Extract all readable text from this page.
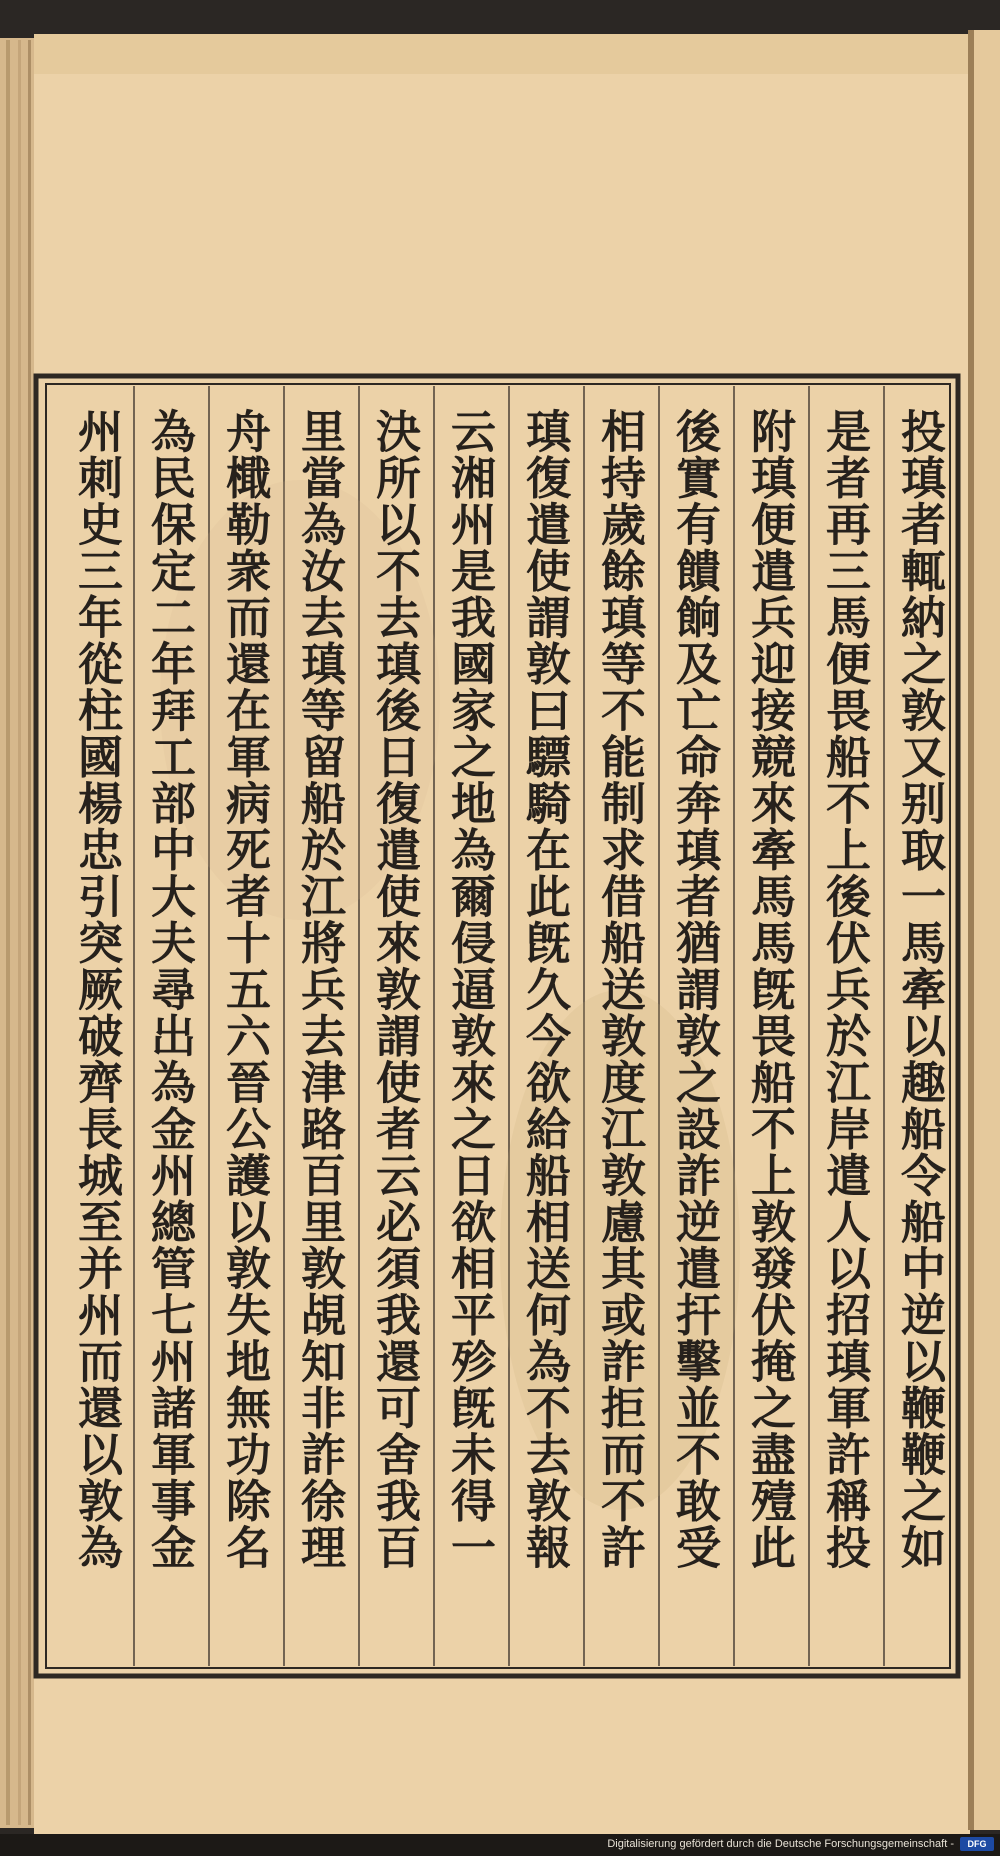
投瑱者輒納之敦又别取一馬牽以趣船令船中逆以鞭鞭之如
是者再三馬便畏船不上後伏兵於江岸遣人以招瑱軍許稱投
附瑱便遣兵迎接競來牽馬馬旣畏船不上敦發伏掩之盡殪此
後實有饋餉及亡命奔瑱者猶謂敦之設詐逆遣扞擊並不敢受
相持歲餘瑱等不能制求借船送敦度江敦慮其或詐拒而不許
瑱復遣使謂敦曰驃騎在此旣久今欲給船相送何為不去敦報
云湘州是我國家之地為爾侵逼敦來之日欲相平殄旣未得一
決所以不去瑱後日復遣使來敦謂使者云必須我還可舍我百
里當為汝去瑱等留船於江將兵去津路百里敦覘知非詐徐理
舟檝勒衆而還在軍病死者十五六晉公護以敦失地無功除名
為民保定二年拜工部中大夫尋出為金州總管七州諸軍事金
州刺史三年從柱國楊忠引突厥破齊長城至并州而還以敦為
Digitalisierung gefördert durch die Deutsche Forschungsgemeinschaft -	DFG
